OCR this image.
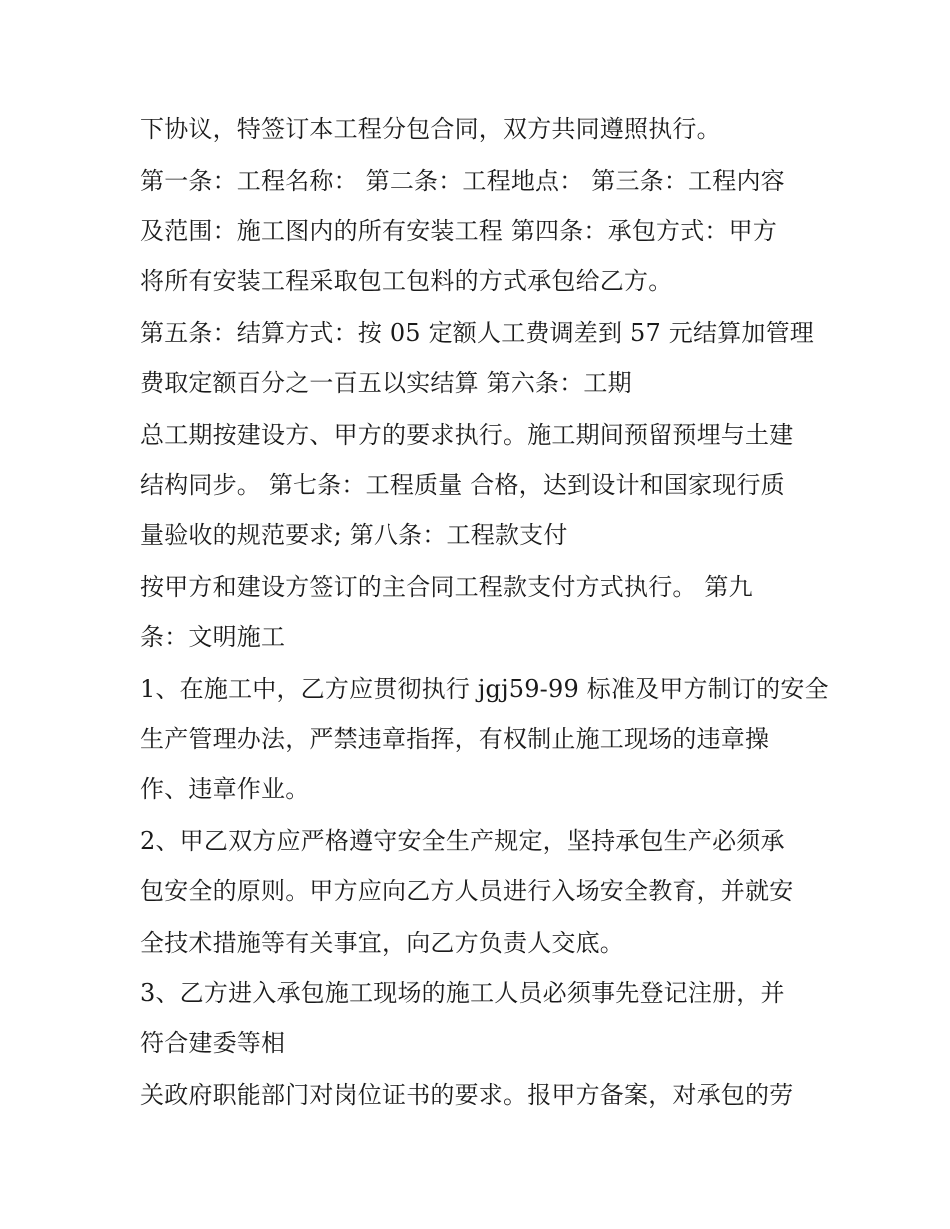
下协议，特签订本工程分包合同，双方共同遵照执行。
第一条：工程名称： 第二条：工程地点： 第三条：工程内容
及范围：施工图内的所有安装工程 第四条：承包方式：甲方
将所有安装工程采取包工包料的方式承包给乙方。
第五条：结算方式：按 05 定额人工费调差到 57 元结算加管理
费取定额百分之一百五以实结算 第六条：工期
总工期按建设方、甲方的要求执行。施工期间预留预埋与土建
结构同步。 第七条：工程质量 合格，达到设计和国家现行质
量验收的规范要求; 第八条：工程款支付
按甲方和建设方签订的主合同工程款支付方式执行。 第九
条：文明施工
1、在施工中，乙方应贯彻执行 jgj59-99 标准及甲方制订的安全
生产管理办法，严禁违章指挥，有权制止施工现场的违章操
作、违章作业。
2、甲乙双方应严格遵守安全生产规定，坚持承包生产必须承
包安全的原则。甲方应向乙方人员进行入场安全教育，并就安
全技术措施等有关事宜，向乙方负责人交底。
3、乙方进入承包施工现场的施工人员必须事先登记注册，并
符合建委等相
关政府职能部门对岗位证书的要求。报甲方备案，对承包的劳
